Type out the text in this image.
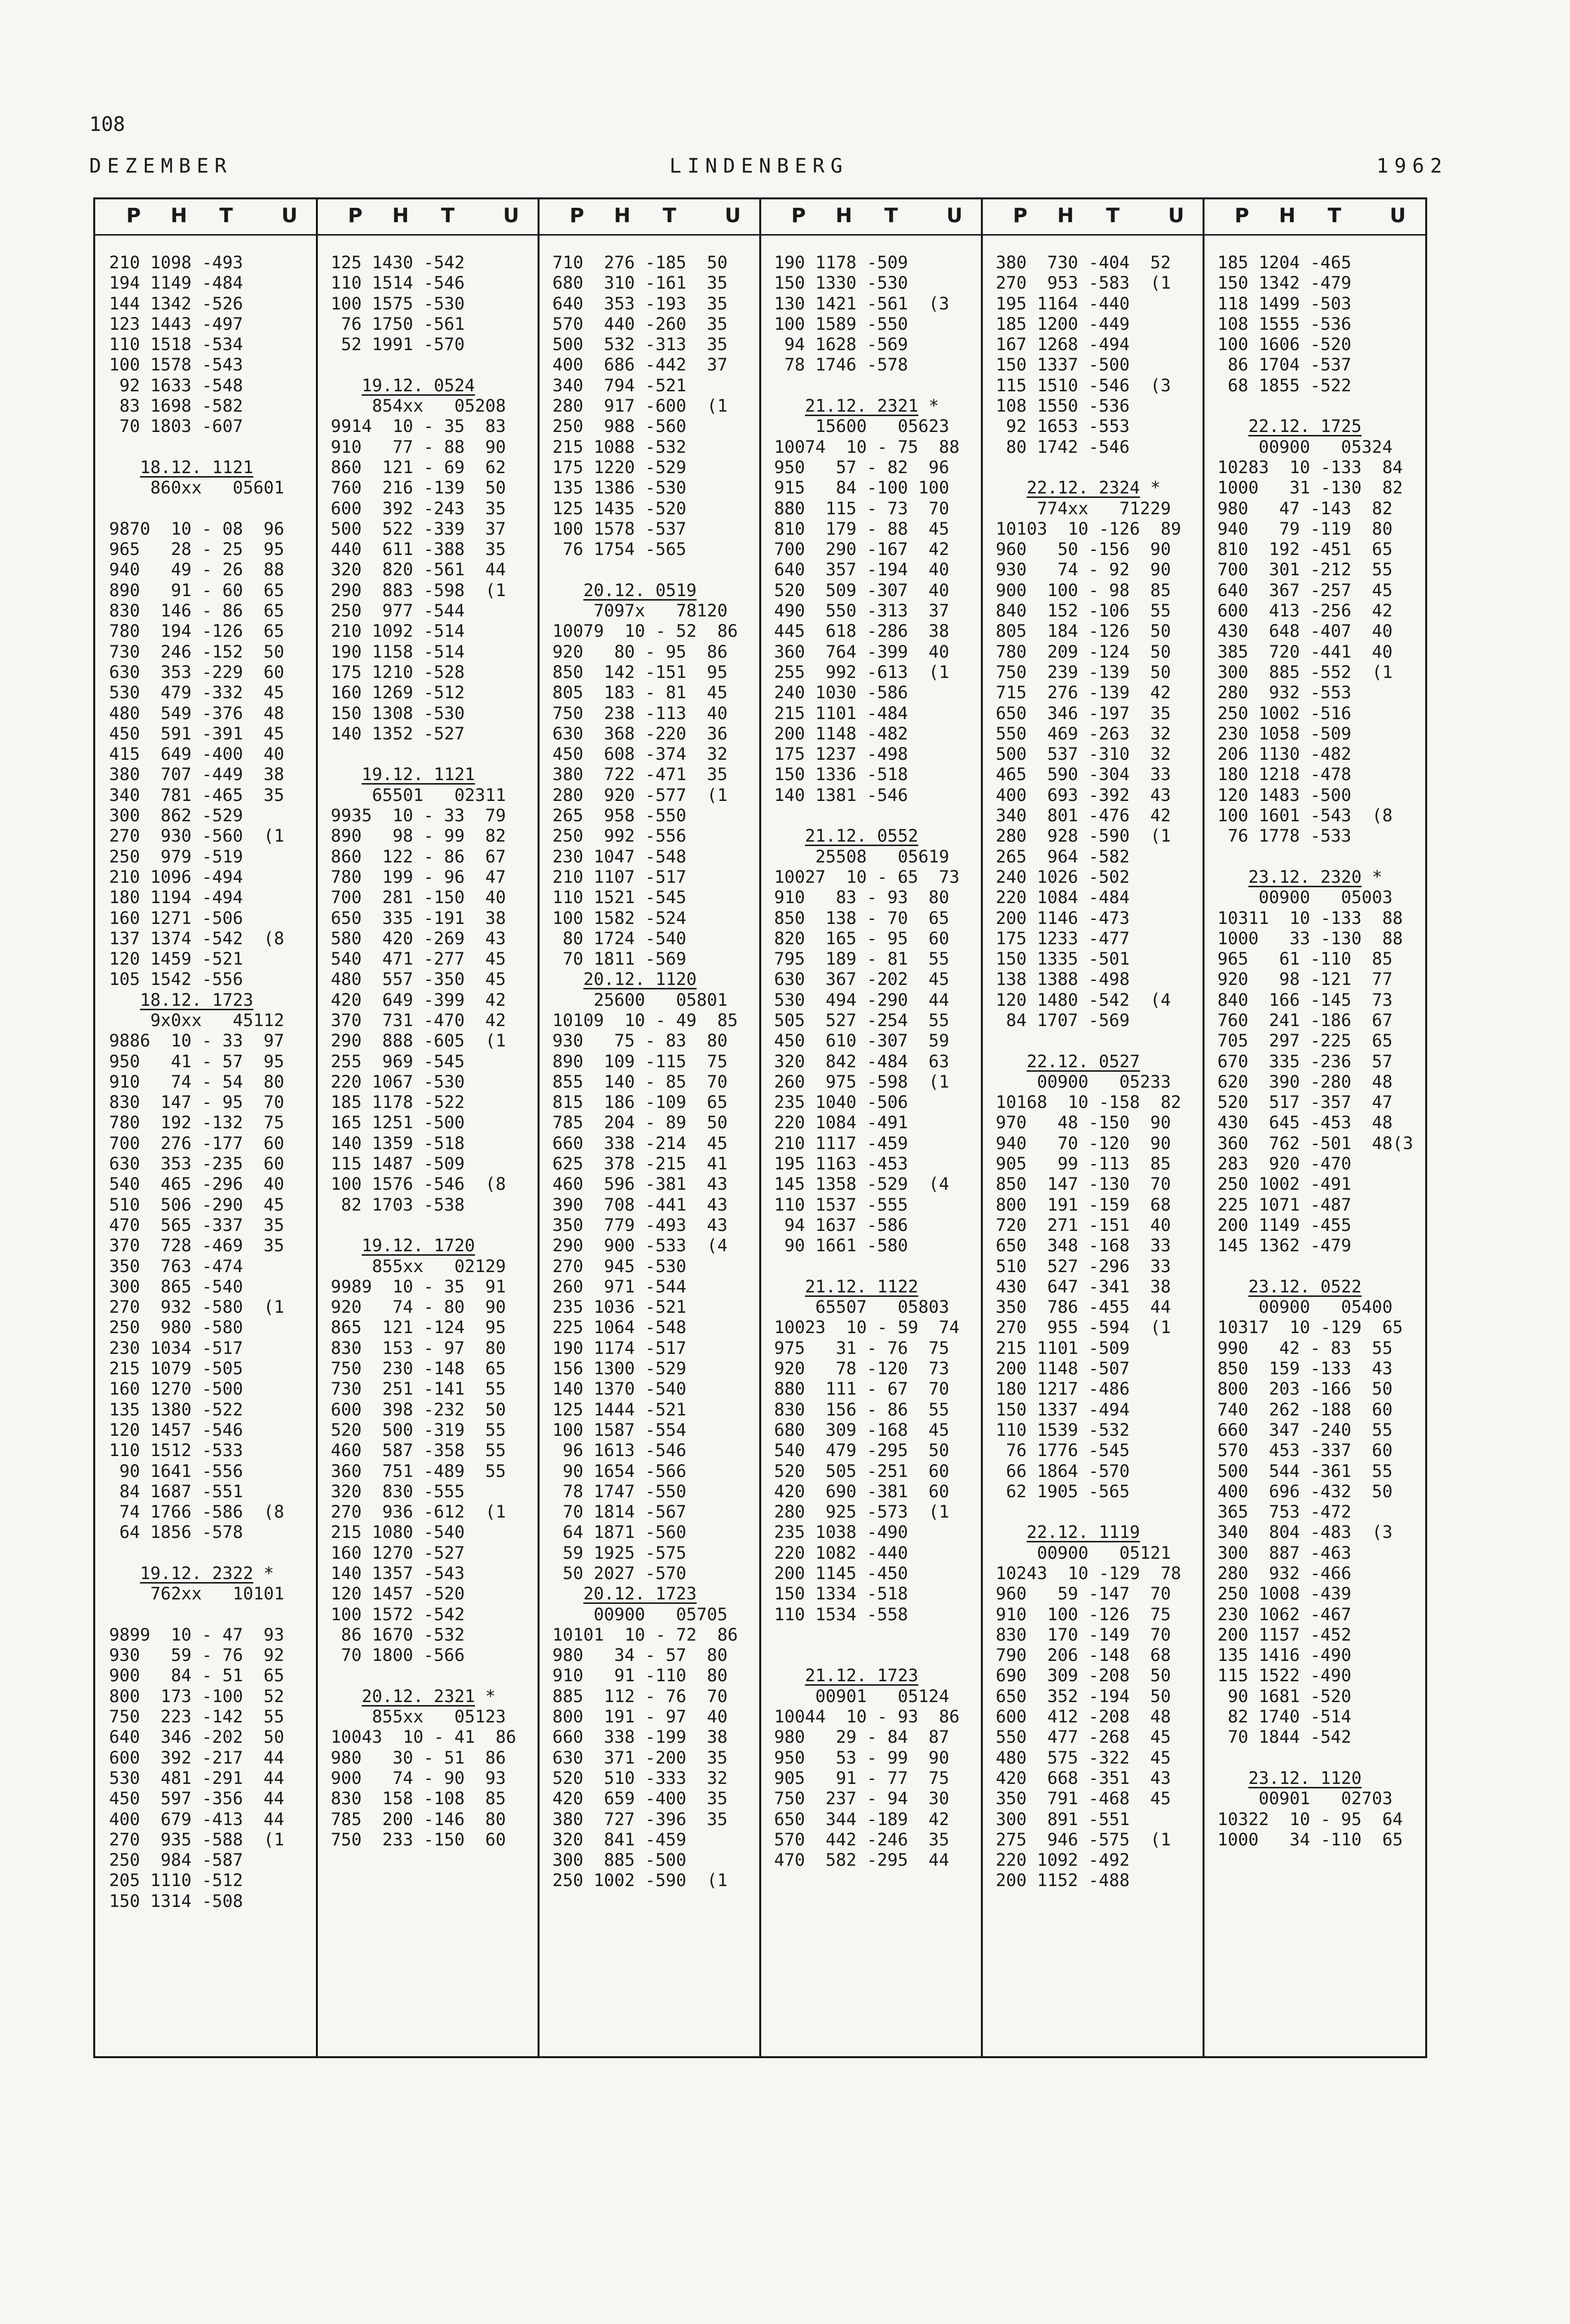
108
DEZEMBER	LINDENBERG	1962
P H T U
210 1098 -493
194 1149 -484
144 1342 -526
123 1443 -497
110 1518 -534
100 1578 -543
92 1633 -548
83 1698 -582
70 1803 -607
18.12. 1121
860xx   05601
9870  10 - 08  96
965   28 - 25  95
940   49 - 26  88
890   91 - 60  65
830  146 - 86  65
780  194 -126  65
730  246 -152  50
630  353 -229  60
530  479 -332  45
480  549 -376  48
450  591 -391  45
415  649 -400  40
380  707 -449  38
340  781 -465  35
300  862 -529
270  930 -560  (1
250  979 -519
210 1096 -494
180 1194 -494
160 1271 -506
137 1374 -542  (8
120 1459 -521
105 1542 -556
18.12. 1723
9x0xx   45112
9886  10 - 33  97
950   41 - 57  95
910   74 - 54  80
830  147 - 95  70
780  192 -132  75
700  276 -177  60
630  353 -235  60
540  465 -296  40
510  506 -290  45
470  565 -337  35
370  728 -469  35
350  763 -474
300  865 -540
270  932 -580  (1
250  980 -580
230 1034 -517
215 1079 -505
160 1270 -500
135 1380 -522
120 1457 -546
110 1512 -533
90 1641 -556
84 1687 -551
74 1766 -586  (8
64 1856 -578
19.12. 2322 *
762xx   10101
9899  10 - 47  93
930   59 - 76  92
900   84 - 51  65
800  173 -100  52
750  223 -142  55
640  346 -202  50
600  392 -217  44
530  481 -291  44
450  597 -356  44
400  679 -413  44
270  935 -588  (1
250  984 -587
205 1110 -512
150 1314 -508
P H T U
125 1430 -542
110 1514 -546
100 1575 -530
76 1750 -561
52 1991 -570
19.12. 0524
854xx   05208
9914  10 - 35  83
910   77 - 88  90
860  121 - 69  62
760  216 -139  50
600  392 -243  35
500  522 -339  37
440  611 -388  35
320  820 -561  44
290  883 -598  (1
250  977 -544
210 1092 -514
190 1158 -514
175 1210 -528
160 1269 -512
150 1308 -530
140 1352 -527
19.12. 1121
65501   02311
9935  10 - 33  79
890   98 - 99  82
860  122 - 86  67
780  199 - 96  47
700  281 -150  40
650  335 -191  38
580  420 -269  43
540  471 -277  45
480  557 -350  45
420  649 -399  42
370  731 -470  42
290  888 -605  (1
255  969 -545
220 1067 -530
185 1178 -522
165 1251 -500
140 1359 -518
115 1487 -509
100 1576 -546  (8
82 1703 -538
19.12. 1720
855xx   02129
9989  10 - 35  91
920   74 - 80  90
865  121 -124  95
830  153 - 97  80
750  230 -148  65
730  251 -141  55
600  398 -232  50
520  500 -319  55
460  587 -358  55
360  751 -489  55
320  830 -555
270  936 -612  (1
215 1080 -540
160 1270 -527
140 1357 -543
120 1457 -520
100 1572 -542
86 1670 -532
70 1800 -566
20.12. 2321 *
855xx   05123
10043  10 - 41  86
980   30 - 51  86
900   74 - 90  93
830  158 -108  85
785  200 -146  80
750  233 -150  60
P H T U
710  276 -185  50
680  310 -161  35
640  353 -193  35
570  440 -260  35
500  532 -313  35
400  686 -442  37
340  794 -521
280  917 -600  (1
250  988 -560
215 1088 -532
175 1220 -529
135 1386 -530
125 1435 -520
100 1578 -537
76 1754 -565
20.12. 0519
7097x   78120
10079  10 - 52  86
920   80 - 95  86
850  142 -151  95
805  183 - 81  45
750  238 -113  40
630  368 -220  36
450  608 -374  32
380  722 -471  35
280  920 -577  (1
265  958 -550
250  992 -556
230 1047 -548
210 1107 -517
110 1521 -545
100 1582 -524
80 1724 -540
70 1811 -569
20.12. 1120
25600   05801
10109  10 - 49  85
930   75 - 83  80
890  109 -115  75
855  140 - 85  70
815  186 -109  65
785  204 - 89  50
660  338 -214  45
625  378 -215  41
460  596 -381  43
390  708 -441  43
350  779 -493  43
290  900 -533  (4
270  945 -530
260  971 -544
235 1036 -521
225 1064 -548
190 1174 -517
156 1300 -529
140 1370 -540
125 1444 -521
100 1587 -554
96 1613 -546
90 1654 -566
78 1747 -550
70 1814 -567
64 1871 -560
59 1925 -575
50 2027 -570
20.12. 1723
00900   05705
10101  10 - 72  86
980   34 - 57  80
910   91 -110  80
885  112 - 76  70
800  191 - 97  40
660  338 -199  38
630  371 -200  35
520  510 -333  32
420  659 -400  35
380  727 -396  35
320  841 -459
300  885 -500
250 1002 -590  (1
P H T U
190 1178 -509
150 1330 -530
130 1421 -561  (3
100 1589 -550
94 1628 -569
78 1746 -578
21.12. 2321 *
15600   05623
10074  10 - 75  88
950   57 - 82  96
915   84 -100 100
880  115 - 73  70
810  179 - 88  45
700  290 -167  42
640  357 -194  40
520  509 -307  40
490  550 -313  37
445  618 -286  38
360  764 -399  40
255  992 -613  (1
240 1030 -586
215 1101 -484
200 1148 -482
175 1237 -498
150 1336 -518
140 1381 -546
21.12. 0552
25508   05619
10027  10 - 65  73
910   83 - 93  80
850  138 - 70  65
820  165 - 95  60
795  189 - 81  55
630  367 -202  45
530  494 -290  44
505  527 -254  55
450  610 -307  59
320  842 -484  63
260  975 -598  (1
235 1040 -506
220 1084 -491
210 1117 -459
195 1163 -453
145 1358 -529  (4
110 1537 -555
94 1637 -586
90 1661 -580
21.12. 1122
65507   05803
10023  10 - 59  74
975   31 - 76  75
920   78 -120  73
880  111 - 67  70
830  156 - 86  55
680  309 -168  45
540  479 -295  50
520  505 -251  60
420  690 -381  60
280  925 -573  (1
235 1038 -490
220 1082 -440
200 1145 -450
150 1334 -518
110 1534 -558
21.12. 1723
00901   05124
10044  10 - 93  86
980   29 - 84  87
950   53 - 99  90
905   91 - 77  75
750  237 - 94  30
650  344 -189  42
570  442 -246  35
470  582 -295  44
P H T U
380  730 -404  52
270  953 -583  (1
195 1164 -440
185 1200 -449
167 1268 -494
150 1337 -500
115 1510 -546  (3
108 1550 -536
92 1653 -553
80 1742 -546
22.12. 2324 *
774xx   71229
10103  10 -126  89
960   50 -156  90
930   74 - 92  90
900  100 - 98  85
840  152 -106  55
805  184 -126  50
780  209 -124  50
750  239 -139  50
715  276 -139  42
650  346 -197  35
550  469 -263  32
500  537 -310  32
465  590 -304  33
400  693 -392  43
340  801 -476  42
280  928 -590  (1
265  964 -582
240 1026 -502
220 1084 -484
200 1146 -473
175 1233 -477
150 1335 -501
138 1388 -498
120 1480 -542  (4
84 1707 -569
22.12. 0527
00900   05233
10168  10 -158  82
970   48 -150  90
940   70 -120  90
905   99 -113  85
850  147 -130  70
800  191 -159  68
720  271 -151  40
650  348 -168  33
510  527 -296  33
430  647 -341  38
350  786 -455  44
270  955 -594  (1
215 1101 -509
200 1148 -507
180 1217 -486
150 1337 -494
110 1539 -532
76 1776 -545
66 1864 -570
62 1905 -565
22.12. 1119
00900   05121
10243  10 -129  78
960   59 -147  70
910  100 -126  75
830  170 -149  70
790  206 -148  68
690  309 -208  50
650  352 -194  50
600  412 -208  48
550  477 -268  45
480  575 -322  45
420  668 -351  43
350  791 -468  45
300  891 -551
275  946 -575  (1
220 1092 -492
200 1152 -488
P H T U
185 1204 -465
150 1342 -479
118 1499 -503
108 1555 -536
100 1606 -520
86 1704 -537
68 1855 -522
22.12. 1725
00900   05324
10283  10 -133  84
1000   31 -130  82
980   47 -143  82
940   79 -119  80
810  192 -451  65
700  301 -212  55
640  367 -257  45
600  413 -256  42
430  648 -407  40
385  720 -441  40
300  885 -552  (1
280  932 -553
250 1002 -516
230 1058 -509
206 1130 -482
180 1218 -478
120 1483 -500
100 1601 -543  (8
76 1778 -533
23.12. 2320 *
00900   05003
10311  10 -133  88
1000   33 -130  88
965   61 -110  85
920   98 -121  77
840  166 -145  73
760  241 -186  67
705  297 -225  65
670  335 -236  57
620  390 -280  48
520  517 -357  47
430  645 -453  48
360  762 -501  48(3
283  920 -470
250 1002 -491
225 1071 -487
200 1149 -455
145 1362 -479
23.12. 0522
00900   05400
10317  10 -129  65
990   42 - 83  55
850  159 -133  43
800  203 -166  50
740  262 -188  60
660  347 -240  55
570  453 -337  60
500  544 -361  55
400  696 -432  50
365  753 -472
340  804 -483  (3
300  887 -463
280  932 -466
250 1008 -439
230 1062 -467
200 1157 -452
135 1416 -490
115 1522 -490
90 1681 -520
82 1740 -514
70 1844 -542
23.12. 1120
00901   02703
10322  10 - 95  64
1000   34 -110  65
